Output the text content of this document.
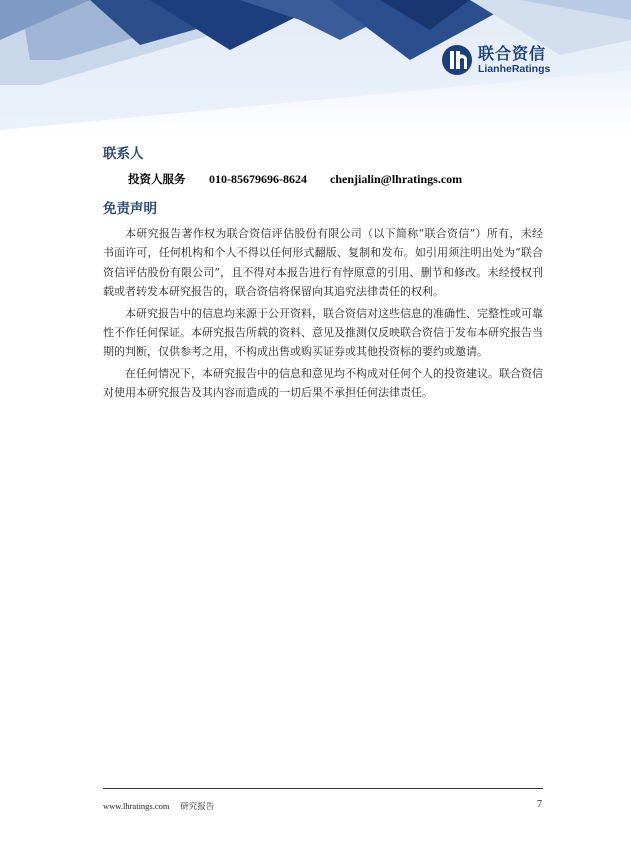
联合资信
LianheRatings
联系人
投资人服务 010-85679696-8624 chenjialin@lhratings.com
免责声明

本研究报告著作权为联合资信评估股份有限公司（以下简称“联合资信”）所有，未经书面许可，任何机构和个人不得以任何形式翻版、复制和发布。如引用须注明出处为“联合资信评估股份有限公司”，且不得对本报告进行有悖原意的引用、删节和修改。未经授权刊载或者转发本研究报告的，联合资信将保留向其追究法律责任的权利。

本研究报告中的信息均来源于公开资料，联合资信对这些信息的准确性、完整性或可靠性不作任何保证。本研究报告所载的资料、意见及推测仅反映联合资信于发布本研究报告当期的判断，仅供参考之用，不构成出售或购买证券或其他投资标的要约或邀请。

在任何情况下，本研究报告中的信息和意见均不构成对任何个人的投资建议。联合资信对使用本研究报告及其内容而造成的一切后果不承担任何法律责任。

www.lhratings.com 研究报告	7
